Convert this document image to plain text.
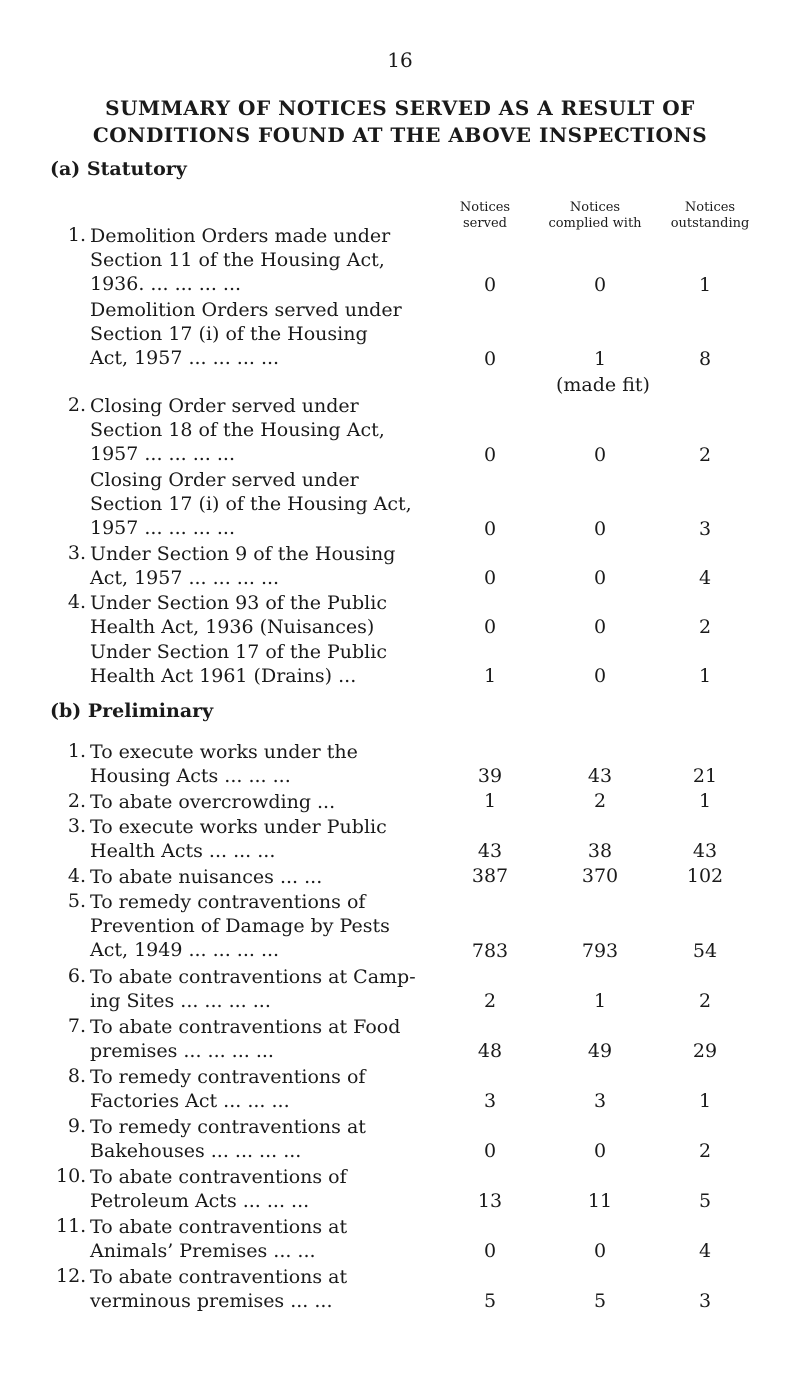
16
SUMMARY OF NOTICES SERVED AS A RESULT OF
CONDITIONS FOUND AT THE ABOVE INSPECTIONS
(a) Statutory
Notices served
Notices complied with
Notices outstanding
1. Demolition Orders made under
Section 11 of the Housing Act,
1936. ... ... ... ...	0	0	1
Demolition Orders served under
Section 17 (i) of the Housing
Act, 1957 ... ... ... ...	0	1	8
(made fit)
2. Closing Order served under
Section 18 of the Housing Act,
1957 ... ... ... ...	0	0	2
Closing Order served under
Section 17 (i) of the Housing Act,
1957 ... ... ... ...	0	0	3
3. Under Section 9 of the Housing
Act, 1957 ... ... ... ...	0	0	4
4. Under Section 93 of the Public
Health Act, 1936 (Nuisances)	0	0	2
Under Section 17 of the Public
Health Act 1961 (Drains) ...	1	0	1
(b) Preliminary
1. To execute works under the
Housing Acts ... ... ...	39	43	21
2. To abate overcrowding ...	1	2	1
3. To execute works under Public
Health Acts ... ... ...	43	38	43
4. To abate nuisances ... ...	387	370	102
5. To remedy contraventions of
Prevention of Damage by Pests
Act, 1949 ... ... ... ...	783	793	54
6. To abate contraventions at Camp-
ing Sites ... ... ... ...	2	1	2
7. To abate contraventions at Food
premises ... ... ... ...	48	49	29
8. To remedy contraventions of
Factories Act ... ... ...	3	3	1
9. To remedy contraventions at
Bakehouses ... ... ... ...	0	0	2
10. To abate contraventions of
Petroleum Acts ... ... ...	13	11	5
11. To abate contraventions at
Animals’ Premises ... ...	0	0	4
12. To abate contraventions at
verminous premises ... ...	5	5	3
